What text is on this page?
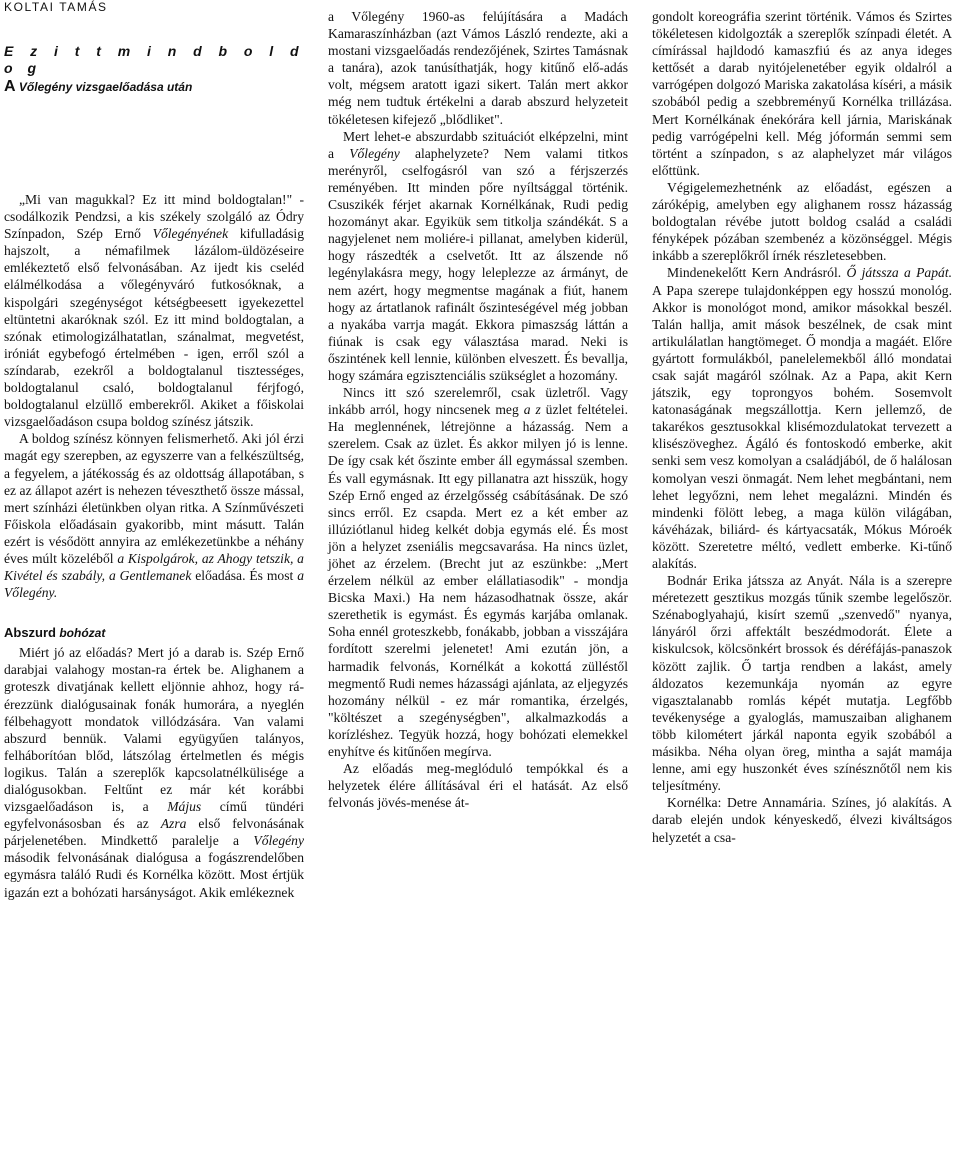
KOLTAI TAMÁS
E z i t t m i n d b o l d o g
A Vőlegény vizsgaelőadása után

„Mi van magukkal? Ez itt mind boldogtalan!" - csodálkozik Pendzsi, a kis székely szolgáló az Ódry Színpadon, Szép Ernő Vőlegényének kifulladásig hajszolt, a némafilmek lázálom-üldözéseire emlékeztető első felvonásában. Az ijedt kis cseléd elálmélkodása a vőlegényváró futkosóknak, a kispolgári szegénységot kétségbeesett igyekezettel eltüntetni akaróknak szól. Ez itt mind boldogtalan, a szónak etimologizálhatatlan, szánalmat, megvetést, iróniát egybefogó értelmében - igen, erről szól a színdarab, ezekről a boldogtalanul tisztességes, boldogtalanul csaló, boldogtalanul férjfogó, boldogtalanul elzüllő emberekről. Akiket a főiskolai vizsgaelőadáson csupa boldog színész játszik.

A boldog színész könnyen felismerhető. Aki jól érzi magát egy szerepben, az egyszerre van a felkészültség, a fegyelem, a játékosság és az oldottság állapotában, s ez az állapot azért is nehezen téveszthető össze mással, mert színházi életünkben olyan ritka. A Színművészeti Főiskola előadásain gyakoribb, mint másutt. Talán ezért is vésődött annyira az emlékezetünkbe a néhány éves múlt közeléből a Kispolgárok, az Ahogy tetszik, a Kivétel és szabály, a Gentlemanek előadása. És most a Vőlegény.

Abszurd bohózat

Miért jó az előadás? Mert jó a darab is. Szép Ernő darabjai valahogy mostan-ra értek be. Alighanem a groteszk divatjának kellett eljönnie ahhoz, hogy rá-érezzünk dialógusainak fonák humorára, a nyeglén félbehagyott mondatok villódzására. Van valami abszurd bennük. Valami együgyűen talányos, felháborítóan blőd, látszólag értelmetlen és mégis logikus. Talán a szereplők kapcsolatnélkülisége a dialógusokban. Feltűnt ez már két korábbi vizsgaelőadáson is, a Május című tündéri egyfelvonásosban és az Azra első felvonásának párjelenetében. Mindkettő paralelje a Vőlegény második felvonásának dialógusa a fogászrendelőben egymásra találó Rudi és Kornélka között. Most értjük igazán ezt a bohózati harsányságot. Akik emlékeznek

a Vőlegény 1960-as felújítására a Madách Kamaraszínházban (azt Vámos László rendezte, aki a mostani vizsgaelőadás rendezőjének, Szirtes Tamásnak a tanára), azok tanúsíthatják, hogy kitűnő elő-adás volt, mégsem aratott igazi sikert. Talán mert akkor még nem tudtuk értékelni a darab abszurd helyzeteit tökéletesen kifejező „blődliket".

Mert lehet-e abszurdabb szituációt elképzelni, mint a Vőlegény alaphelyzete? Nem valami titkos merényről, cselfogásról van szó a férjszerzés reményében. Itt minden pőre nyíltsággal történik. Csuszikék férjet akarnak Kornélkának, Rudi pedig hozományt akar. Egyikük sem titkolja szándékát. S a nagyjelenet nem moliére-i pillanat, amelyben kiderül, hogy rászedték a cselvetőt. Itt az álszende nő legénylakásra megy, hogy leleplezze az ármányt, de nem azért, hogy megmentse magának a fiút, hanem hogy az ártatlanok rafinált őszinteségével még jobban a nyakába varrja magát. Ekkora pimaszság láttán a fiúnak is csak egy választása marad. Neki is őszintének kell lennie, különben elveszett. És bevallja, hogy számára egzisztenciális szükséglet a hozomány.

Nincs itt szó szerelemről, csak üzletről. Vagy inkább arról, hogy nincsenek meg a z üzlet feltételei. Ha meglennének, létrejönne a házasság. Nem a szerelem. Csak az üzlet. És akkor milyen jó is lenne. De így csak két őszinte ember áll egymással szemben. És vall egymásnak. Itt egy pillanatra azt hisszük, hogy Szép Ernő enged az érzelgősség csábításának. De szó sincs erről. Ez csapda. Mert ez a két ember az illúziótlanul hideg kelkét dobja egymás elé. És most jön a helyzet zseniális megcsavarása. Ha nincs üzlet, jöhet az érzelem. (Brecht jut az eszünkbe: „Mert érzelem nélkül az ember elállatiasodik" - mondja Bicska Maxi.) Ha nem házasodhatnak össze, akár szerethetik is egymást. És egymás karjába omlanak. Soha ennél groteszkebb, fonákabb, jobban a visszájára fordított szerelmi jelenetet! Ami ezután jön, a harmadik felvonás, Kornélkát a kokottá zülléstől megmentő Rudi nemes házassági ajánlata, az eljegyzés hozomány nélkül - ez már romantika, érzelgés, "költészet a szegénységben", alkalmazkodás a korízléshez. Tegyük hozzá, hogy bohózati elemekkel enyhítve és kitűnően megírva.

Az előadás meg-meglóduló tempókkal és a helyzetek élére állításával éri el hatását. Az első felvonás jövés-menése át-

gondolt koreográfia szerint történik. Vámos és Szirtes tökéletesen kidolgozták a szereplők színpadi életét. A címírással hajldodó kamaszfiú és az anya ideges kettősét a darab nyitójelenetéber egyik oldalról a varrógépen dolgozó Mariska zakatolása kíséri, a másik szobából pedig a szebbreményű Kornélka trillázása. Mert Kornélkának énekórára kell járnia, Mariskának pedig varrógépelni kell. Még jóformán semmi sem történt a színpadon, s az alaphelyzet már világos előttünk.

Végigelemezhetnénk az előadást, egészen a záróképig, amelyben egy alighanem rossz házasság boldogtalan révébe jutott boldog család a családi fényképek pózában szembenéz a közönséggel. Mégis inkább a szereplőkről írnék részletesebben.

Mindenekelőtt Kern Andrásról. Ő játssza a Papát. A Papa szerepe tulajdonképpen egy hosszú monológ. Akkor is monológot mond, amikor másokkal beszél. Talán hallja, amit mások beszélnek, de csak mint artikulálatlan hangtömeget. Ő mondja a magáét. Előre gyártott formulákból, panelelemekből álló mondatai csak saját magáról szólnak. Az a Papa, akit Kern játszik, egy toprongyos bohém. Sosemvolt katonaságának megszállottja. Kern jellemző, de takarékos gesztusokkal klisémozdulatokat tervezett a klisészöveghez. Ágáló és fontoskodó emberke, akit senki sem vesz komolyan a családjából, de ő halálosan komolyan veszi önmagát. Nem lehet megbántani, nem lehet legyőzni, nem lehet megalázni. Mindén és mindenki fölött lebeg, a maga külön világában, kávéházak, biliárd- és kártyacsaták, Mókus Móroék között. Szeretetre méltó, vedlett emberke. Ki-tűnő alakítás.

Bodnár Erika játssza az Anyát. Nála is a szerepre méretezett gesztikus mozgás tűnik szembe legelőször. Szénaboglyahajú, kisírt szemű „szenvedő" nyanya, lányáról őrzi affektált beszédmodorát. Élete a kiskulcsok, kölcsönkért brossok és déréfájás-panaszok között zajlik. Ő tartja rendben a lakást, amely áldozatos kezemunkája nyomán az egyre vigasztalanabb romlás képét mutatja. Legfőbb tevékenysége a gyaloglás, mamuszaiban alighanem több kilométert járkál naponta egyik szobából a másikba. Néha olyan öreg, mintha a saját mamája lenne, ami egy huszonkét éves színésznőtől nem kis teljesítmény.

Kornélka: Detre Annamária. Színes, jó alakítás. A darab elején undok kényeskedő, élvezi kiváltságos helyzetét a csa-
